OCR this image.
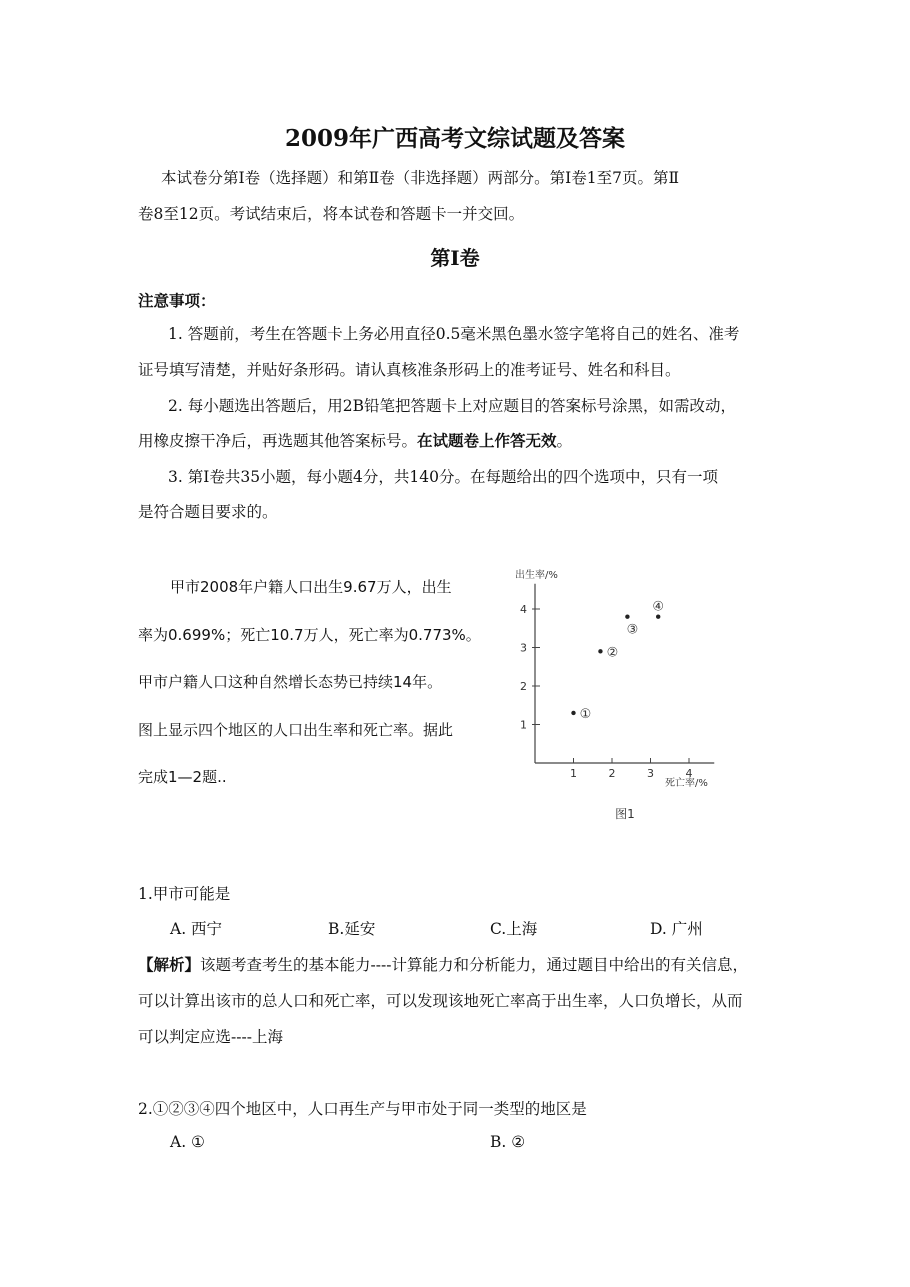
2009年广西高考文综试题及答案
本试卷分第Ⅰ卷（选择题）和第Ⅱ卷（非选择题）两部分。第Ⅰ卷1至7页。第Ⅱ
卷8至12页。考试结束后，将本试卷和答题卡一并交回。
第Ⅰ卷
注意事项：
1. 答题前，考生在答题卡上务必用直径0.5毫米黑色墨水签字笔将自己的姓名、准考
证号填写清楚，并贴好条形码。请认真核准条形码上的准考证号、姓名和科目。
2. 每小题选出答题后，用2B铅笔把答题卡上对应题目的答案标号涂黑，如需改动，
用橡皮擦干净后，再选题其他答案标号。在试题卷上作答无效。
3. 第Ⅰ卷共35小题，每小题4分，共140分。在每题给出的四个选项中，只有一项
是符合题目要求的。
甲市2008年户籍人口出生9.67万人，出生
率为0.699%；死亡10.7万人，死亡率为0.773%。
甲市户籍人口这种自然增长态势已持续14年。
图上显示四个地区的人口出生率和死亡率。据此
完成1—2题..	1	2	3	4
1
2
3
4
①
②
③
④
图1
出生率/%
死亡率/%
1.甲市可能是
A. 西宁	B.延安	C.上海	D. 广州
【解析】该题考查考生的基本能力----计算能力和分析能力，通过题目中给出的有关信息，
可以计算出该市的总人口和死亡率，可以发现该地死亡率高于出生率，人口负增长，从而
可以判定应选----上海
2.①②③④四个地区中，人口再生产与甲市处于同一类型的地区是
A. ①	B. ②
